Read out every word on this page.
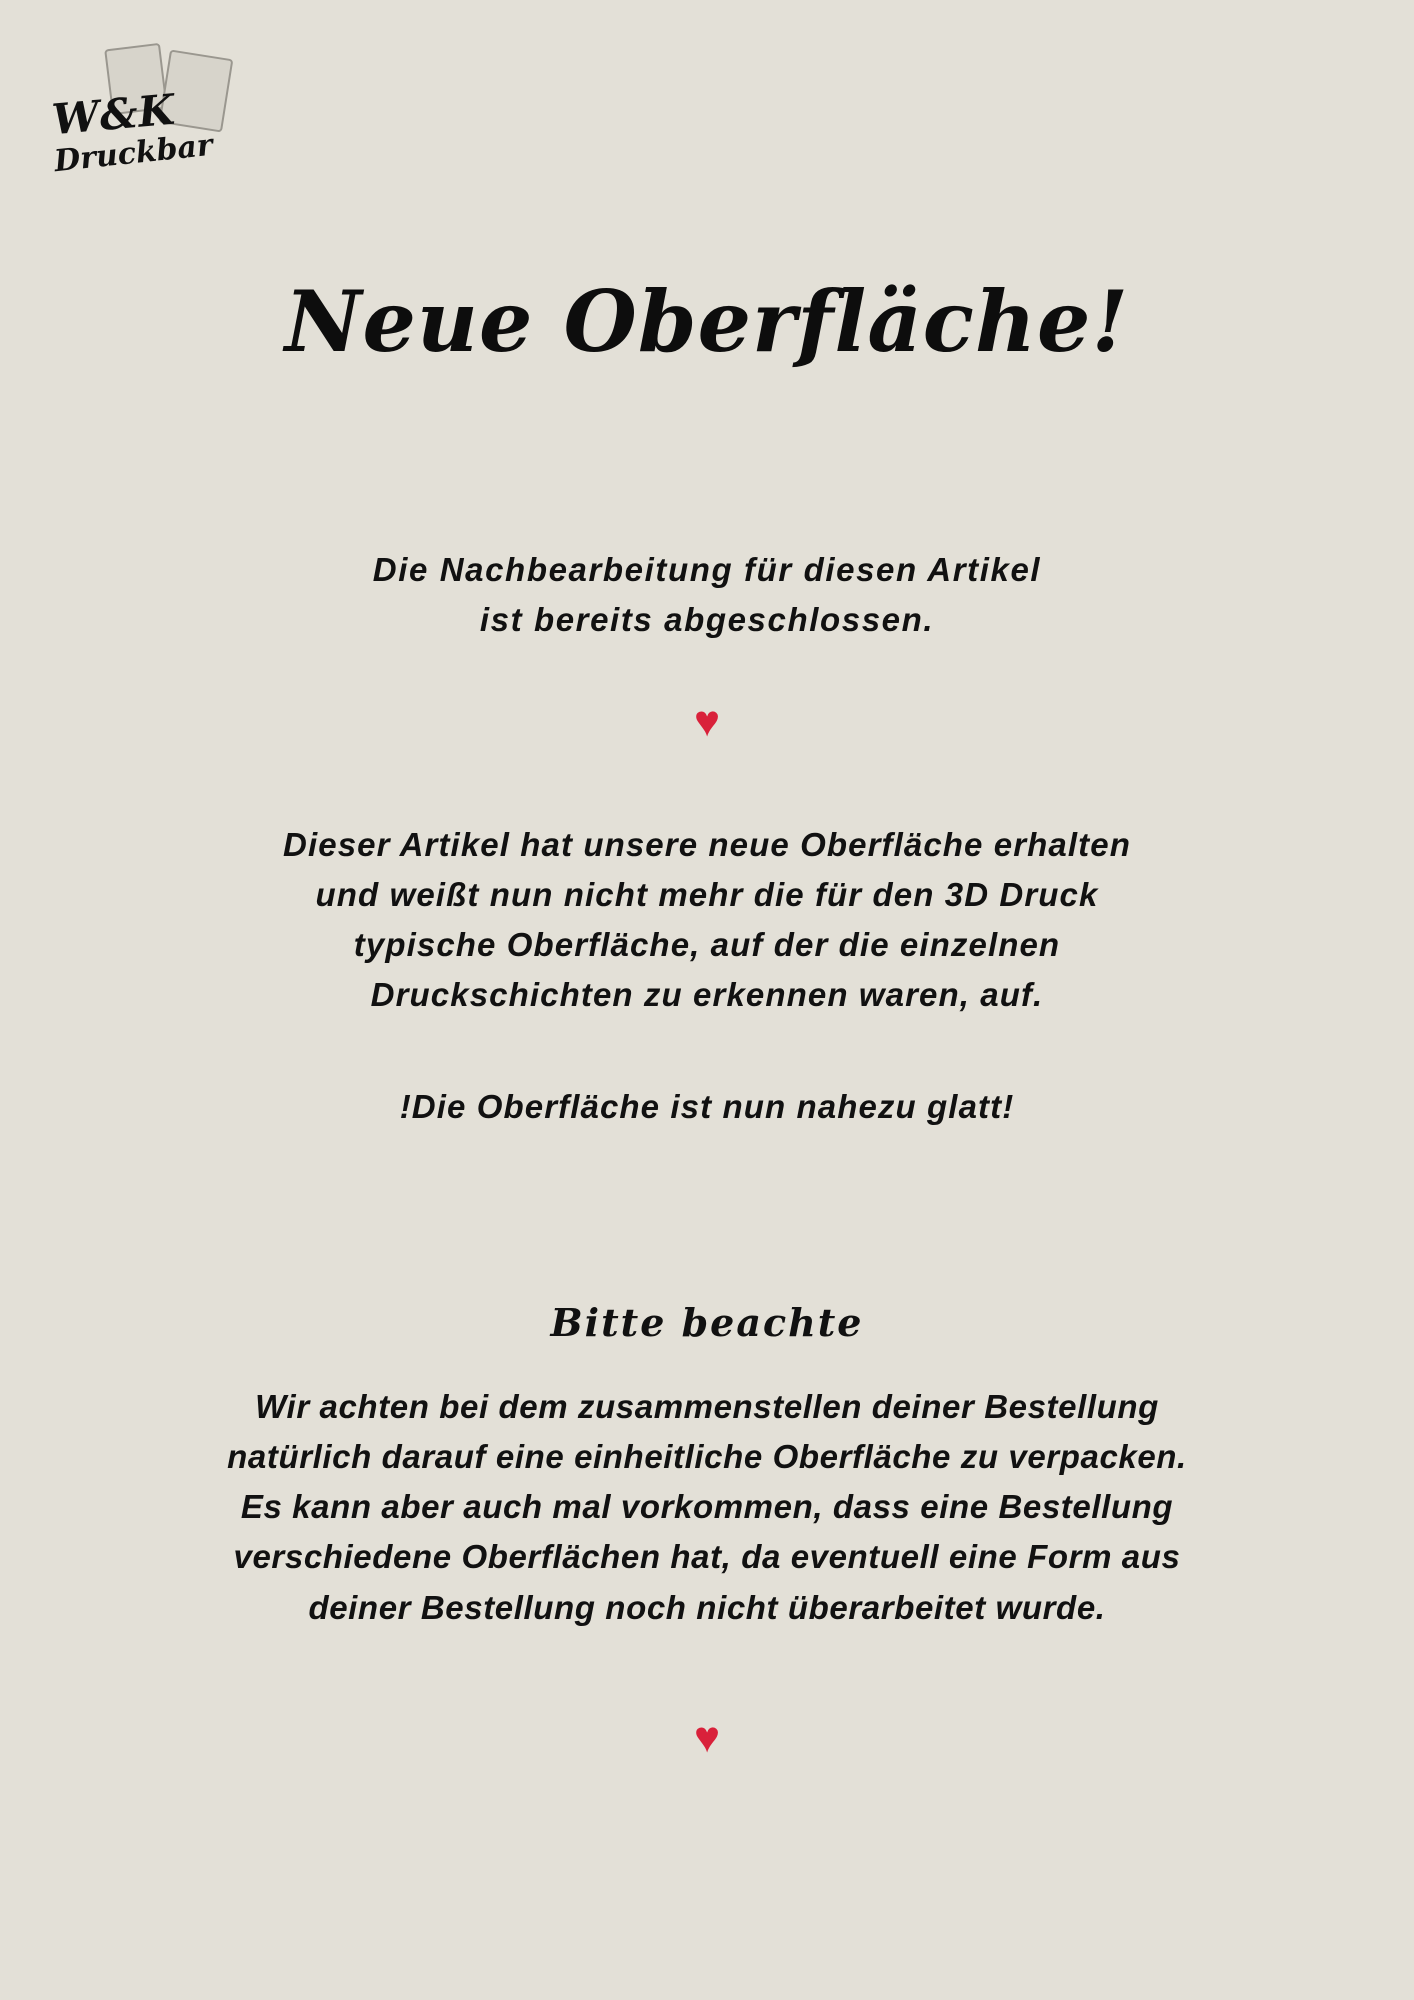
W&K
Druckbar
Neue Oberfläche!
Die Nachbearbeitung für diesen Artikel
ist bereits abgeschlossen.
♥
Dieser Artikel hat unsere neue Oberfläche erhalten
und weißt nun nicht mehr die für den 3D Druck
typische Oberfläche, auf der die einzelnen
Druckschichten zu erkennen waren, auf.
!Die Oberfläche ist nun nahezu glatt!
Bitte beachte
Wir achten bei dem zusammenstellen deiner Bestellung
natürlich darauf eine einheitliche Oberfläche zu verpacken.
Es kann aber auch mal vorkommen, dass eine Bestellung
verschiedene Oberflächen hat, da eventuell eine Form aus
deiner Bestellung noch nicht überarbeitet wurde.
♥
